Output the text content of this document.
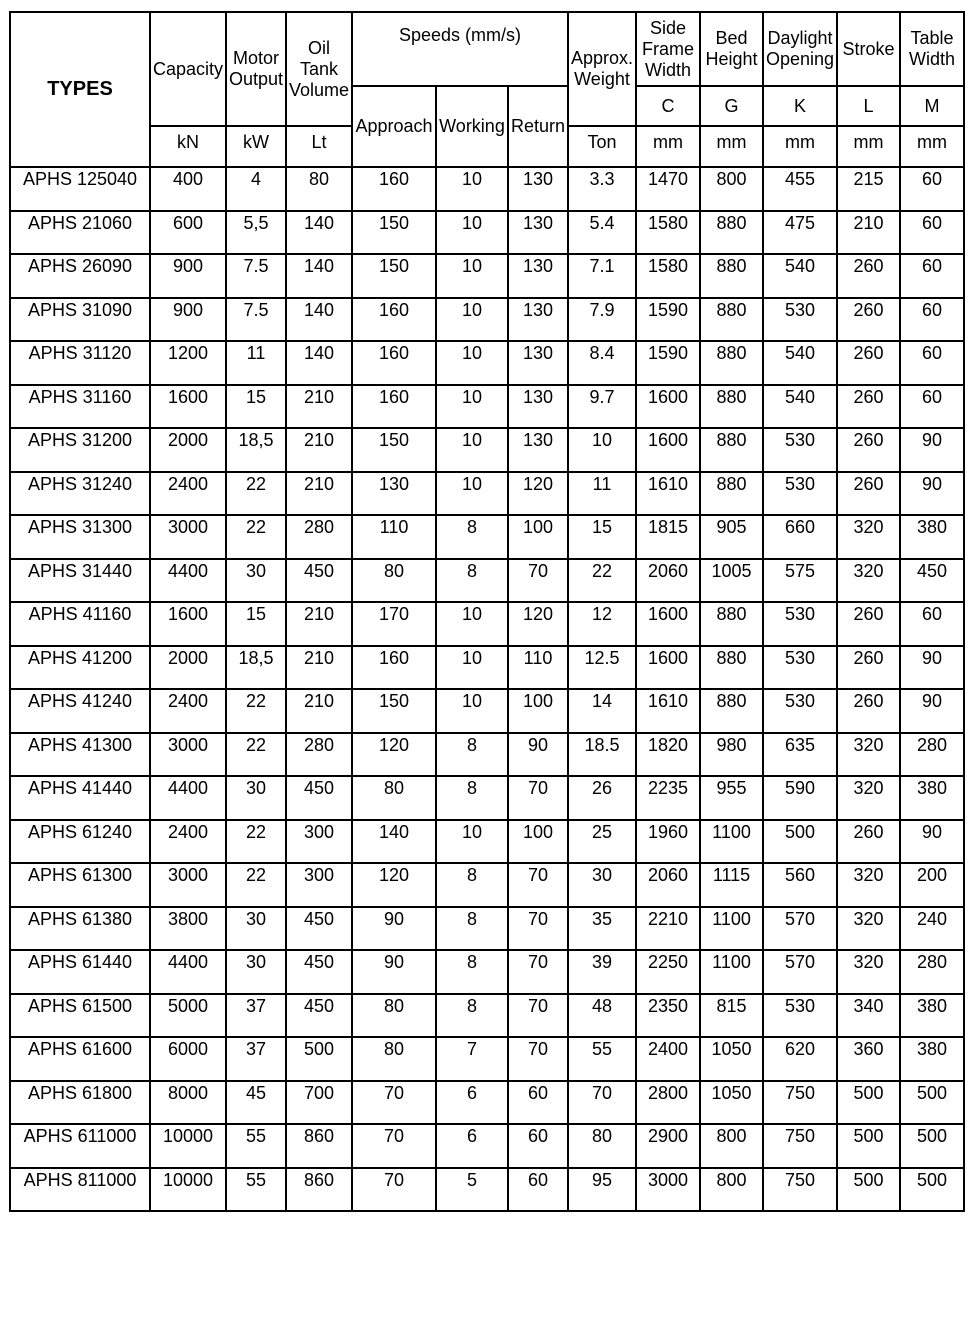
TYPES	Capacity	Motor Output	Oil Tank Volume	Speeds (mm/s)			Approx. Weight	Side Frame Width	Bed Height	Daylight Opening	Stroke	Table Width
				Approach	Working	Return		C	G	K	L	M
	kN	kW	Lt				Ton	mm	mm	mm	mm	mm

APHS 125040	400	4	80	160	10	130	3.3	1470	800	455	215	60

APHS 21060	600	5,5	140	150	10	130	5.4	1580	880	475	210	60

APHS 26090	900	7.5	140	150	10	130	7.1	1580	880	540	260	60

APHS 31090	900	7.5	140	160	10	130	7.9	1590	880	530	260	60

APHS 31120	1200	11	140	160	10	130	8.4	1590	880	540	260	60

APHS 31160	1600	15	210	160	10	130	9.7	1600	880	540	260	60

APHS 31200	2000	18,5	210	150	10	130	10	1600	880	530	260	90

APHS 31240	2400	22	210	130	10	120	11	1610	880	530	260	90

APHS 31300	3000	22	280	110	8	100	15	1815	905	660	320	380

APHS 31440	4400	30	450	80	8	70	22	2060	1005	575	320	450

APHS 41160	1600	15	210	170	10	120	12	1600	880	530	260	60

APHS 41200	2000	18,5	210	160	10	110	12.5	1600	880	530	260	90

APHS 41240	2400	22	210	150	10	100	14	1610	880	530	260	90

APHS 41300	3000	22	280	120	8	90	18.5	1820	980	635	320	280

APHS 41440	4400	30	450	80	8	70	26	2235	955	590	320	380

APHS 61240	2400	22	300	140	10	100	25	1960	1100	500	260	90

APHS 61300	3000	22	300	120	8	70	30	2060	1115	560	320	200

APHS 61380	3800	30	450	90	8	70	35	2210	1100	570	320	240

APHS 61440	4400	30	450	90	8	70	39	2250	1100	570	320	280

APHS 61500	5000	37	450	80	8	70	48	2350	815	530	340	380

APHS 61600	6000	37	500	80	7	70	55	2400	1050	620	360	380

APHS 61800	8000	45	700	70	6	60	70	2800	1050	750	500	500

APHS 611000	10000	55	860	70	6	60	80	2900	800	750	500	500

APHS 811000	10000	55	860	70	5	60	95	3000	800	750	500	500
